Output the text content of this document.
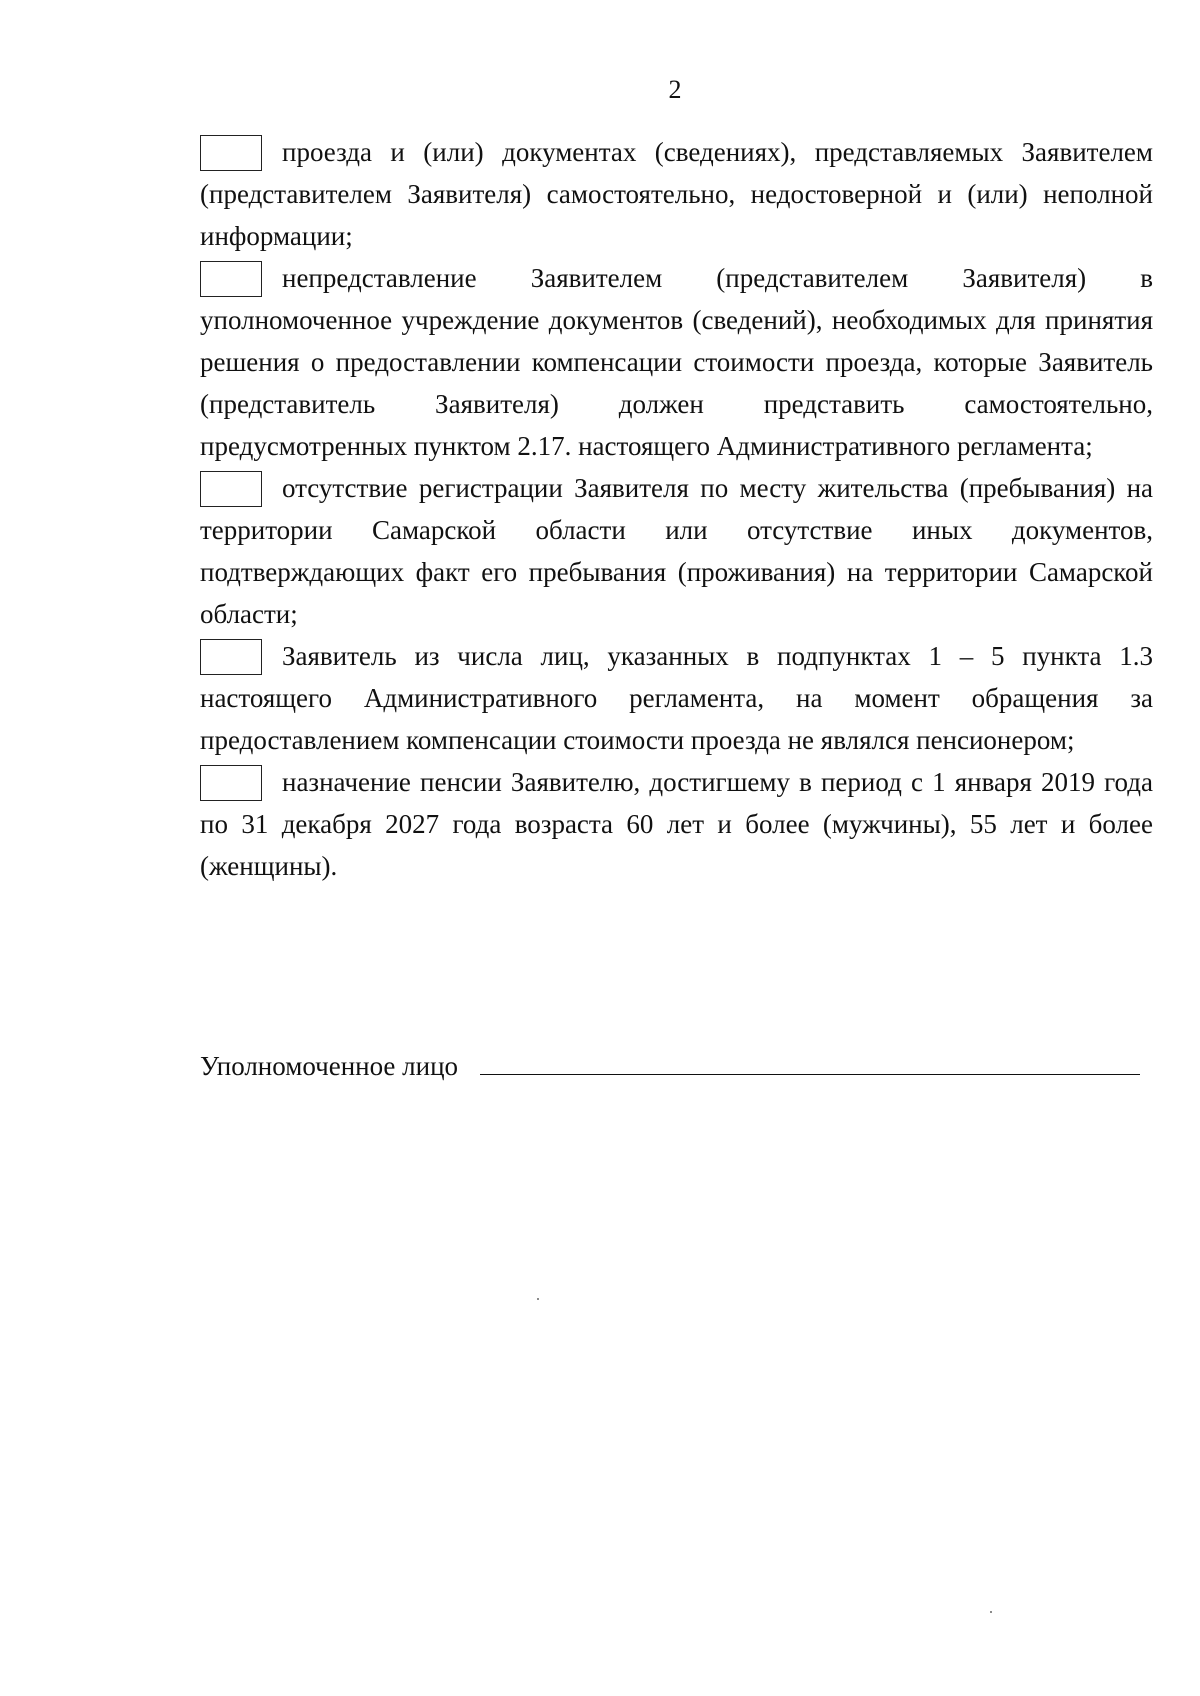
2

проезда и (или) документах (сведениях), представляемых Заявителем (представителем Заявителя) самостоятельно, недостоверной и (или) неполной информации;

непредставление Заявителем (представителем Заявителя) в уполномоченное учреждение документов (сведений), необходимых для принятия решения о предоставлении компенсации стоимости проезда, которые Заявитель (представитель Заявителя) должен представить самостоятельно, предусмотренных пунктом 2.17. настоящего Административного регламента;

отсутствие регистрации Заявителя по месту жительства (пребывания) на территории Самарской области или отсутствие иных документов, подтверждающих факт его пребывания (проживания) на территории Самарской области;

Заявитель из числа лиц, указанных в подпунктах 1 – 5 пункта 1.3 настоящего Административного регламента, на момент обращения за предоставлением компенсации стоимости проезда не являлся пенсионером;

назначение пенсии Заявителю, достигшему в период с 1 января 2019 года по 31 декабря 2027 года возраста 60 лет и более (мужчины), 55 лет и более (женщины).

Уполномоченное лицо
